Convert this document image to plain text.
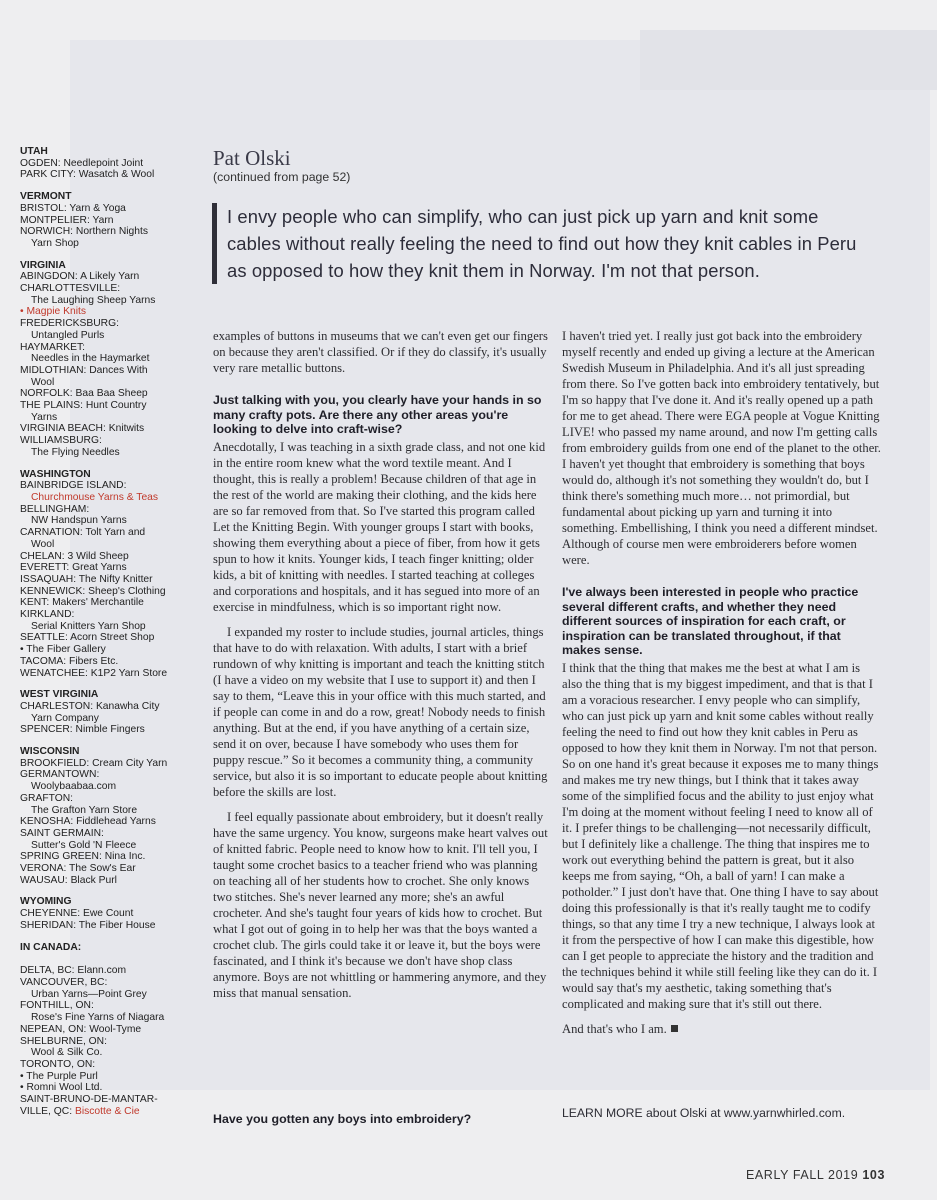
UTAH
OGDEN: Needlepoint Joint
PARK CITY: Wasatch & Wool
VERMONT
BRISTOL: Yarn & Yoga
MONTPELIER: Yarn
NORWICH: Northern Nights
Yarn Shop
VIRGINIA
ABINGDON: A Likely Yarn
CHARLOTTESVILLE:
The Laughing Sheep Yarns
• Magpie Knits
FREDERICKSBURG:
Untangled Purls
HAYMARKET:
Needles in the Haymarket
MIDLOTHIAN: Dances With
Wool
NORFOLK: Baa Baa Sheep
THE PLAINS: Hunt Country
Yarns
VIRGINIA BEACH: Knitwits
WILLIAMSBURG:
The Flying Needles
WASHINGTON
BAINBRIDGE ISLAND:
Churchmouse Yarns & Teas
BELLINGHAM:
NW Handspun Yarns
CARNATION: Tolt Yarn and
Wool
CHELAN: 3 Wild Sheep
EVERETT: Great Yarns
ISSAQUAH: The Nifty Knitter
KENNEWICK: Sheep's Clothing
KENT: Makers' Merchantile
KIRKLAND:
Serial Knitters Yarn Shop
SEATTLE: Acorn Street Shop
• The Fiber Gallery
TACOMA: Fibers Etc.
WENATCHEE: K1P2 Yarn Store
WEST VIRGINIA
CHARLESTON: Kanawha City
Yarn Company
SPENCER: Nimble Fingers
WISCONSIN
BROOKFIELD: Cream City Yarn
GERMANTOWN:
Woolybaabaa.com
GRAFTON:
The Grafton Yarn Store
KENOSHA: Fiddlehead Yarns
SAINT GERMAIN:
Sutter's Gold 'N Fleece
SPRING GREEN: Nina Inc.
VERONA: The Sow's Ear
WAUSAU: Black Purl
WYOMING
CHEYENNE: Ewe Count
SHERIDAN: The Fiber House
IN CANADA:
DELTA, BC: Elann.com
VANCOUVER, BC:
Urban Yarns—Point Grey
FONTHILL, ON:
Rose's Fine Yarns of Niagara
NEPEAN, ON: Wool-Tyme
SHELBURNE, ON:
Wool & Silk Co.
TORONTO, ON:
• The Purple Purl
• Romni Wool Ltd.
SAINT-BRUNO-DE-MANTAR-
VILLE, QC: Biscotte & Cie
Pat Olski
(continued from page 52)
I envy people who can simplify, who can just pick up yarn and knit some cables without really feeling the need to find out how they knit cables in Peru as opposed to how they knit them in Norway. I'm not that person.

examples of buttons in museums that we can't even get our fingers on because they aren't classified. Or if they do classify, it's usually very rare metallic buttons.

Just talking with you, you clearly have your hands in so many crafty pots. Are there any other areas you're looking to delve into craft-wise?

Anecdotally, I was teaching in a sixth grade class, and not one kid in the entire room knew what the word textile meant. And I thought, this is really a problem! Because children of that age in the rest of the world are making their clothing, and the kids here are so far removed from that. So I've started this program called Let the Knitting Begin. With younger groups I start with books, showing them everything about a piece of fiber, from how it gets spun to how it knits. Younger kids, I teach finger knitting; older kids, a bit of knitting with needles. I started teaching at colleges and corporations and hospitals, and it has segued into more of an exercise in mindfulness, which is so important right now.

I expanded my roster to include studies, journal articles, things that have to do with relaxation. With adults, I start with a brief rundown of why knitting is important and teach the knitting stitch (I have a video on my website that I use to support it) and then I say to them, “Leave this in your office with this much started, and if people can come in and do a row, great! Nobody needs to finish anything. But at the end, if you have anything of a certain size, send it on over, because I have somebody who uses them for puppy rescue.” So it becomes a community thing, a community service, but also it is so important to educate people about knitting before the skills are lost.

I feel equally passionate about embroidery, but it doesn't really have the same urgency. You know, surgeons make heart valves out of knitted fabric. People need to know how to knit. I'll tell you, I taught some crochet basics to a teacher friend who was planning on teaching all of her students how to crochet. She only knows two stitches. She's never learned any more; she's an awful crocheter. And she's taught four years of kids how to crochet. But what I got out of going in to help her was that the boys wanted a crochet club. The girls could take it or leave it, but the boys were fascinated, and I think it's because we don't have shop class anymore. Boys are not whittling or hammering anymore, and they miss that manual sensation.

Have you gotten any boys into embroidery?

I haven't tried yet. I really just got back into the embroidery myself recently and ended up giving a lecture at the American Swedish Museum in Philadelphia. And it's all just spreading from there. So I've gotten back into embroidery tentatively, but I'm so happy that I've done it. And it's really opened up a path for me to get ahead. There were EGA people at Vogue Knitting LIVE! who passed my name around, and now I'm getting calls from embroidery guilds from one end of the planet to the other. I haven't yet thought that embroidery is something that boys would do, although it's not something they wouldn't do, but I think there's something much more… not primordial, but fundamental about picking up yarn and turning it into something. Embellishing, I think you need a different mindset. Although of course men were embroiderers before women were.

I've always been interested in people who practice several different crafts, and whether they need different sources of inspiration for each craft, or inspiration can be translated throughout, if that makes sense.

I think that the thing that makes me the best at what I am is also the thing that is my biggest impediment, and that is that I am a voracious researcher. I envy people who can simplify, who can just pick up yarn and knit some cables without really feeling the need to find out how they knit cables in Peru as opposed to how they knit them in Norway. I'm not that person. So on one hand it's great because it exposes me to many things and makes me try new things, but I think that it takes away some of the simplified focus and the ability to just enjoy what I'm doing at the moment without feeling I need to know all of it. I prefer things to be challenging—not necessarily difficult, but I definitely like a challenge. The thing that inspires me to work out everything behind the pattern is great, but it also keeps me from saying, “Oh, a ball of yarn! I can make a potholder.” I just don't have that. One thing I have to say about doing this professionally is that it's really taught me to codify things, so that any time I try a new technique, I always look at it from the perspective of how I can make this digestible, how can I get people to appreciate the history and the tradition and the techniques behind it while still feeling like they can do it. I would say that's my aesthetic, taking something that's complicated and making sure that it's still out there.

And that's who I am.

LEARN MORE about Olski at www.yarnwhirled.com.
EARLY FALL 2019 103
